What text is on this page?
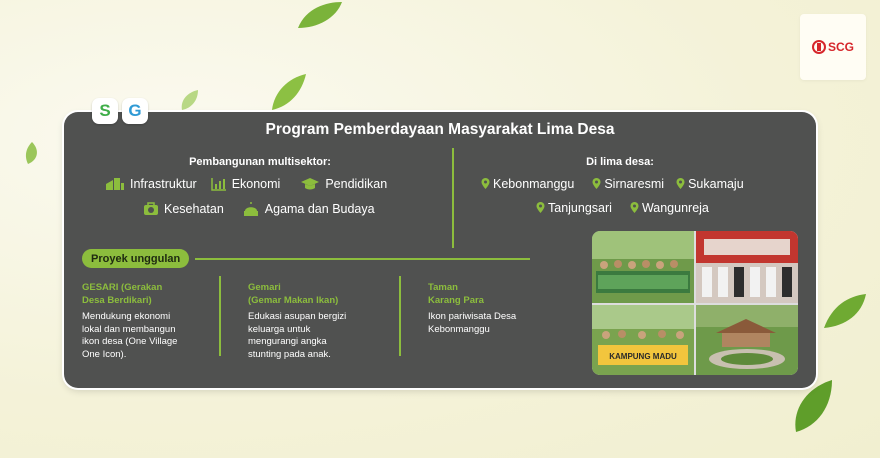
SCG
S	G
Program Pemberdayaan Masyarakat Lima Desa
Pembangunan multisektor:
Infrastruktur	Ekonomi	Pendidikan
Kesehatan	Agama dan Budaya
Di lima desa:
Kebonmanggu Sirnaresmi Sukamaju
Tanjungsari Wangunreja
Proyek unggulan
GESARI (Gerakan
Desa Berdikari)
Mendukung ekonomi
lokal dan membangun
ikon desa (One Village
One Icon).
Gemari
(Gemar Makan Ikan)
Edukasi asupan bergizi
keluarga untuk
mengurangi angka
stunting pada anak.
Taman
Karang Para
Ikon pariwisata Desa
Kebonmanggu
KAMPUNG MADU
